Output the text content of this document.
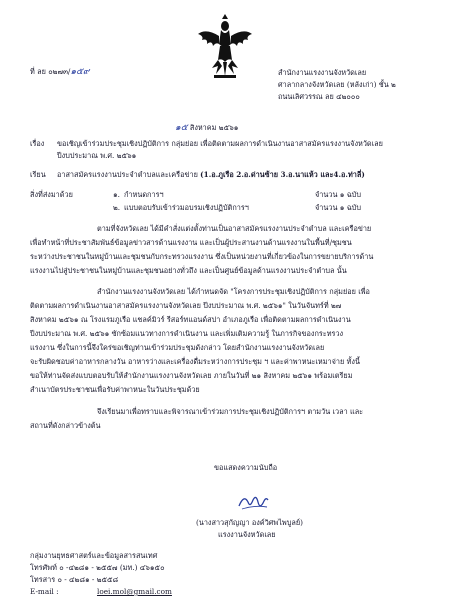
ที่ ลย ๐๒๗๓/๑๕๙	สำนักงานแรงงานจังหวัดเลย
ศาลากลางจังหวัดเลย (หลังเก่า) ชั้น ๒
ถนนเลิศวรรณ ลย ๔๒๐๐๐
๑๕ สิงหาคม ๒๕๖๑
เรื่อง ขอเชิญเข้าร่วมประชุมเชิงปฏิบัติการ กลุ่มย่อย เพื่อติดตามผลการดำเนินงานอาสาสมัครแรงงานจังหวัดเลย
ปีงบประมาณ พ.ศ. ๒๕๖๑
เรียน อาสาสมัครแรงงานประจำตำบลและเครือข่าย (1.อ.ภูเรือ 2.อ.ด่านซ้าย 3.อ.นาแห้ว และ4.อ.ท่าลี่)
สิ่งที่ส่งมาด้วย	๑. กำหนดการฯ	จำนวน ๑ ฉบับ
๒. แบบตอบรับเข้าร่วมอบรมเชิงปฏิบัติการฯ	จำนวน ๑ ฉบับ
ตามที่จังหวัดเลย ได้มีคำสั่งแต่งตั้งท่านเป็นอาสาสมัครแรงงานประจำตำบล และเครือข่าย
เพื่อทำหน้าที่ประชาสัมพันธ์ข้อมูลข่าวสารด้านแรงงาน และเป็นผู้ประสานงานด้านแรงงานในพื้นที่/ชุมชน
ระหว่างประชาชนในหมู่บ้านและชุมชนกับกระทรวงแรงงาน ซึ่งเป็นหน่วยงานที่เกี่ยวข้องในการขยายบริการด้าน
แรงงานไปสู่ประชาชนในหมู่บ้านและชุมชนอย่างทั่วถึง และเป็นศูนย์ข้อมูลด้านแรงงานประจำตำบล นั้น
สำนักงานแรงงานจังหวัดเลย ได้กำหนดจัด "โครงการประชุมเชิงปฏิบัติการ กลุ่มย่อย เพื่อ
ติดตามผลการดำเนินงานอาสาสมัครแรงงานจังหวัดเลย ปีงบประมาณ พ.ศ. ๒๕๖๑" ในวันจันทร์ที่ ๒๗
สิงหาคม ๒๕๖๑ ณ โรงแรมภูเรือ แชลค์มิวร์ รีสอร์ทแอนด์สปา อำเภอภูเรือ เพื่อติดตามผลการดำเนินงาน
ปีงบประมาณ พ.ศ. ๒๕๖๑ ซักซ้อมแนวทางการดำเนินงาน และเพิ่มเติมความรู้ ในภารกิจของกระทรวง
แรงงาน ซึ่งในการนี้จึงใคร่ขอเชิญท่านเข้าร่วมประชุมดังกล่าว โดยสำนักงานแรงงานจังหวัดเลย
จะรับผิดชอบค่าอาหารกลางวัน อาหารว่างและเครื่องดื่มระหว่างการประชุม ฯ และค่าพาหนะเหมาจ่าย ทั้งนี้
ขอให้ท่านจัดส่งแบบตอบรับให้สำนักงานแรงงานจังหวัดเลย ภายในวันที่ ๒๑ สิงหาคม ๒๕๖๑ พร้อมเตรียม
สำเนาบัตรประชาชนเพื่อรับค่าพาหนะในวันประชุมด้วย
จึงเรียนมาเพื่อทราบและพิจารณาเข้าร่วมการประชุมเชิงปฏิบัติการฯ ตามวัน เวลา และ
สถานที่ดังกล่าวข้างต้น
ขอแสดงความนับถือ
(นางสาวสุกัญญา องค์วิศพไพบูลย์)
แรงงานจังหวัดเลย
กลุ่มงานยุทธศาสตร์และข้อมูลสารสนเทศ
โทรศัพท์ ๐ -๔๒๘๑ - ๒๕๕๗ (มท.) ๔๖๑๕๐
โทรสาร ๐ - ๔๒๘๑ - ๒๕๕๘
E-mail :	loei.mol@gmail.com
